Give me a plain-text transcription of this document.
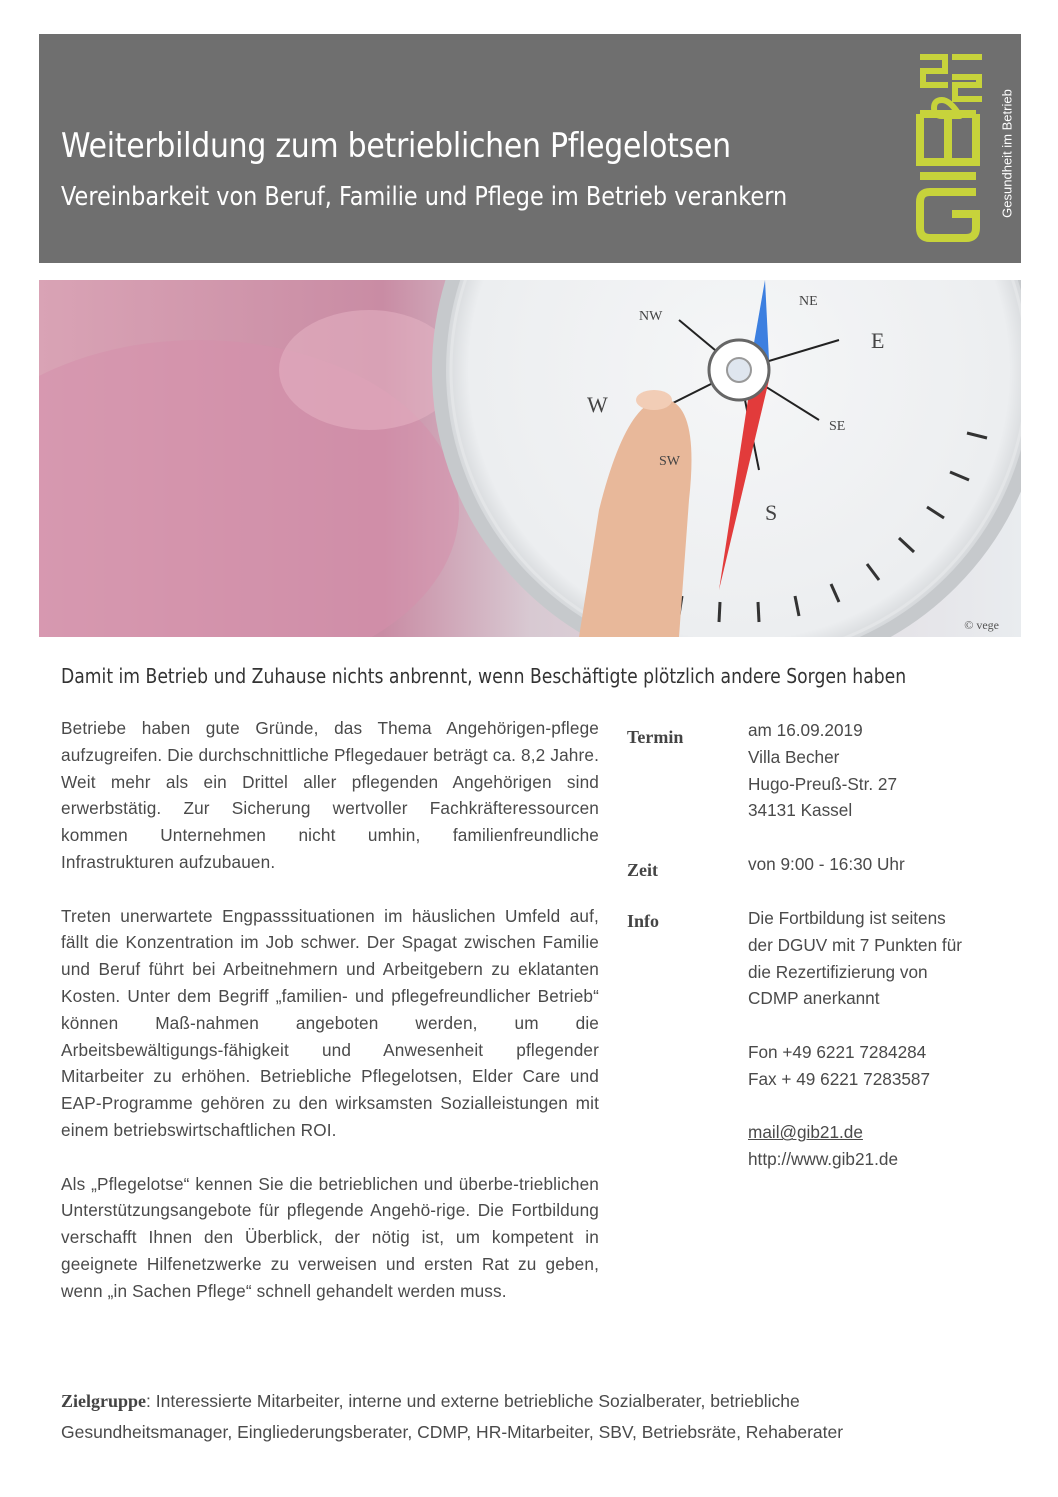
Weiterbildung zum betrieblichen Pflegelotsen
Vereinbarkeit von Beruf, Familie und Pflege im Betrieb verankern	Gesundheit im Betrieb
E
W
S
NW
NE
SE
SW
© vege
Damit im Betrieb und Zuhause nichts anbrennt, wenn Beschäftigte plötzlich andere Sorgen haben

Betriebe haben gute Gründe, das Thema Angehörigen-pflege aufzugreifen. Die durchschnittliche Pflegedauer beträgt ca. 8,2 Jahre. Weit mehr als ein Drittel aller pflegenden Angehörigen sind erwerbstätig. Zur Sicherung wertvoller Fachkräfteressourcen kommen Unternehmen nicht umhin, familienfreundliche Infrastrukturen aufzubauen.

Treten unerwartete Engpasssituationen im häuslichen Umfeld auf, fällt die Konzentration im Job schwer. Der Spagat zwischen Familie und Beruf führt bei Arbeitnehmern und Arbeitgebern zu eklatanten Kosten. Unter dem Begriff „familien- und pflegefreundlicher Betrieb“ können Maß-nahmen angeboten werden, um die Arbeitsbewältigungs-fähigkeit und Anwesenheit pflegender Mitarbeiter zu erhöhen. Betriebliche Pflegelotsen, Elder Care und EAP-Programme gehören zu den wirksamsten Sozialleistungen mit einem betriebswirtschaftlichen ROI.

Als „Pflegelotse“ kennen Sie die betrieblichen und überbe-trieblichen Unterstützungsangebote für pflegende Angehö-rige. Die Fortbildung verschafft Ihnen den Überblick, der nötig ist, um kompetent in geeignete Hilfenetzwerke zu verweisen und ersten Rat zu geben, wenn „in Sachen Pflege“ schnell gehandelt werden muss.

Termin	am 16.09.2019
Villa Becher
Hugo-Preuß-Str. 27
34131 Kassel
Zeit	von 9:00 - 16:30 Uhr
Info	Die Fortbildung ist seitens
der DGUV mit 7 Punkten für
die Rezertifizierung von
CDMP anerkannt
Fon +49 6221 7284284
Fax + 49 6221 7283587
mail@gib21.de
http://www.gib21.de
Zielgruppe: Interessierte Mitarbeiter, interne und externe betriebliche Sozialberater, betriebliche Gesundheitsmanager, Eingliederungsberater, CDMP, HR-Mitarbeiter, SBV, Betriebsräte, Rehaberater
